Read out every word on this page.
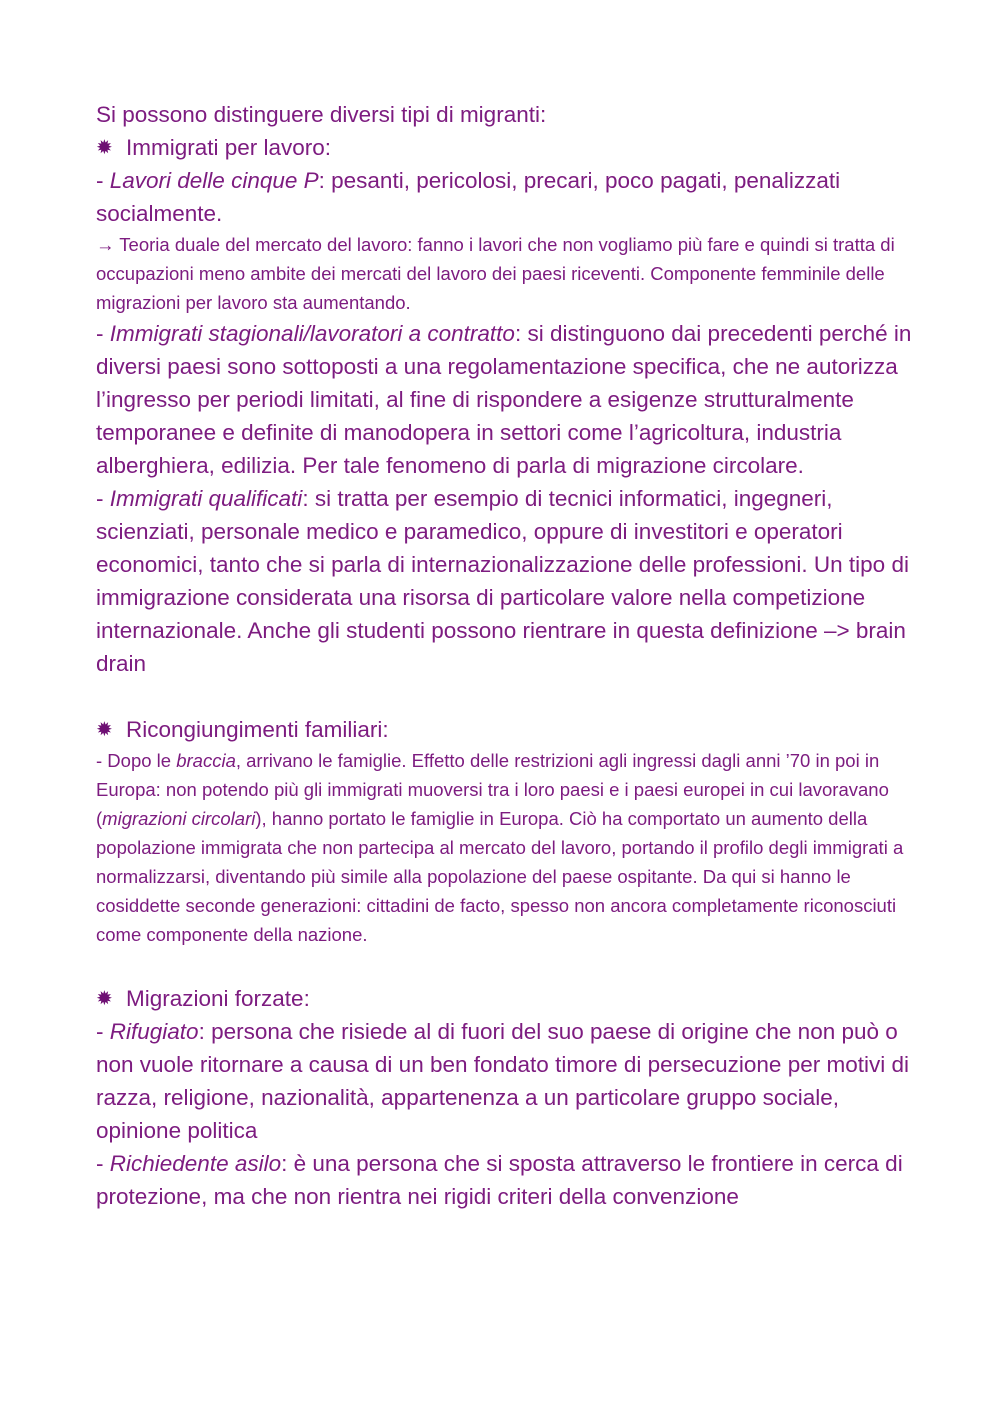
Si possono distinguere diversi tipi di migranti:

✹ Immigrati per lavoro:

- Lavori delle cinque P: pesanti, pericolosi, precari, poco pagati, penalizzati socialmente.

→ Teoria duale del mercato del lavoro: fanno i lavori che non vogliamo più fare e quindi si tratta di occupazioni meno ambite dei mercati del lavoro dei paesi riceventi. Componente femminile delle migrazioni per lavoro sta aumentando.

- Immigrati stagionali/lavoratori a contratto: si distinguono dai precedenti perché in diversi paesi sono sottoposti a una regolamentazione specifica, che ne autorizza l’ingresso per periodi limitati, al fine di rispondere a esigenze strutturalmente temporanee e definite di manodopera in settori come l’agricoltura, industria alberghiera, edilizia. Per tale fenomeno di parla di migrazione circolare.

- Immigrati qualificati: si tratta per esempio di tecnici informatici, ingegneri, scienziati, personale medico e paramedico, oppure di investitori e operatori economici, tanto che si parla di internazionalizzazione delle professioni. Un tipo di immigrazione considerata una risorsa di particolare valore nella competizione internazionale. Anche gli studenti possono rientrare in questa definizione –> brain drain

✹ Ricongiungimenti familiari:

- Dopo le braccia, arrivano le famiglie. Effetto delle restrizioni agli ingressi dagli anni ’70 in poi in Europa: non potendo più gli immigrati muoversi tra i loro paesi e i paesi europei in cui lavoravano (migrazioni circolari), hanno portato le famiglie in Europa. Ciò ha comportato un aumento della popolazione immigrata che non partecipa al mercato del lavoro, portando il profilo degli immigrati a normalizzarsi, diventando più simile alla popolazione del paese ospitante. Da qui si hanno le cosiddette seconde generazioni: cittadini de facto, spesso non ancora completamente riconosciuti come componente della nazione.

✹ Migrazioni forzate:

- Rifugiato: persona che risiede al di fuori del suo paese di origine che non può o non vuole ritornare a causa di un ben fondato timore di persecuzione per motivi di razza, religione, nazionalità, appartenenza a un particolare gruppo sociale, opinione politica

- Richiedente asilo: è una persona che si sposta attraverso le frontiere in cerca di protezione, ma che non rientra nei rigidi criteri della convenzione
